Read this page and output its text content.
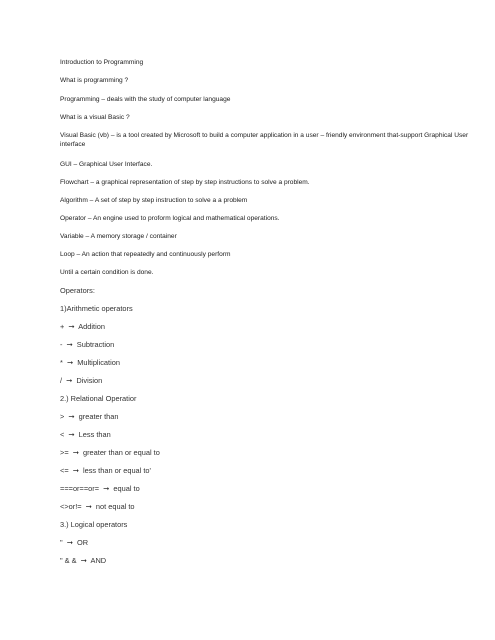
Introduction to Programming
What is programming ?
Programming – deals with the study of computer language
What is a visual Basic ?
Visual Basic (vb) – is a tool created by Microsoft to build a computer application in a user – friendly environment that-support Graphical User interface
GUI – Graphical User Interface.
Flowchart – a graphical representation of step by step instructions to solve a problem.
Algorithm – A set of step by step instruction to solve a a problem
Operator – An engine used to proform logical and mathematical operations.
Variable – A memory storage / container
Loop – An action that repeatedly and continuously perform
Until a certain condition is done.
Operators:
1)Arithmetic operators
+ ➞ Addition
- ➞ Subtraction
* ➞ Multiplication
/ ➞ Division
2.) Relational Operatior
> ➞ greater than
< ➞ Less than
>= ➞ greater than or equal to
<= ➞ less than or equal to'
===or==or= ➞ equal to
<>or!= ➞ not equal to
3.) Logical operators
" ➞ OR
" & & ➞ AND
